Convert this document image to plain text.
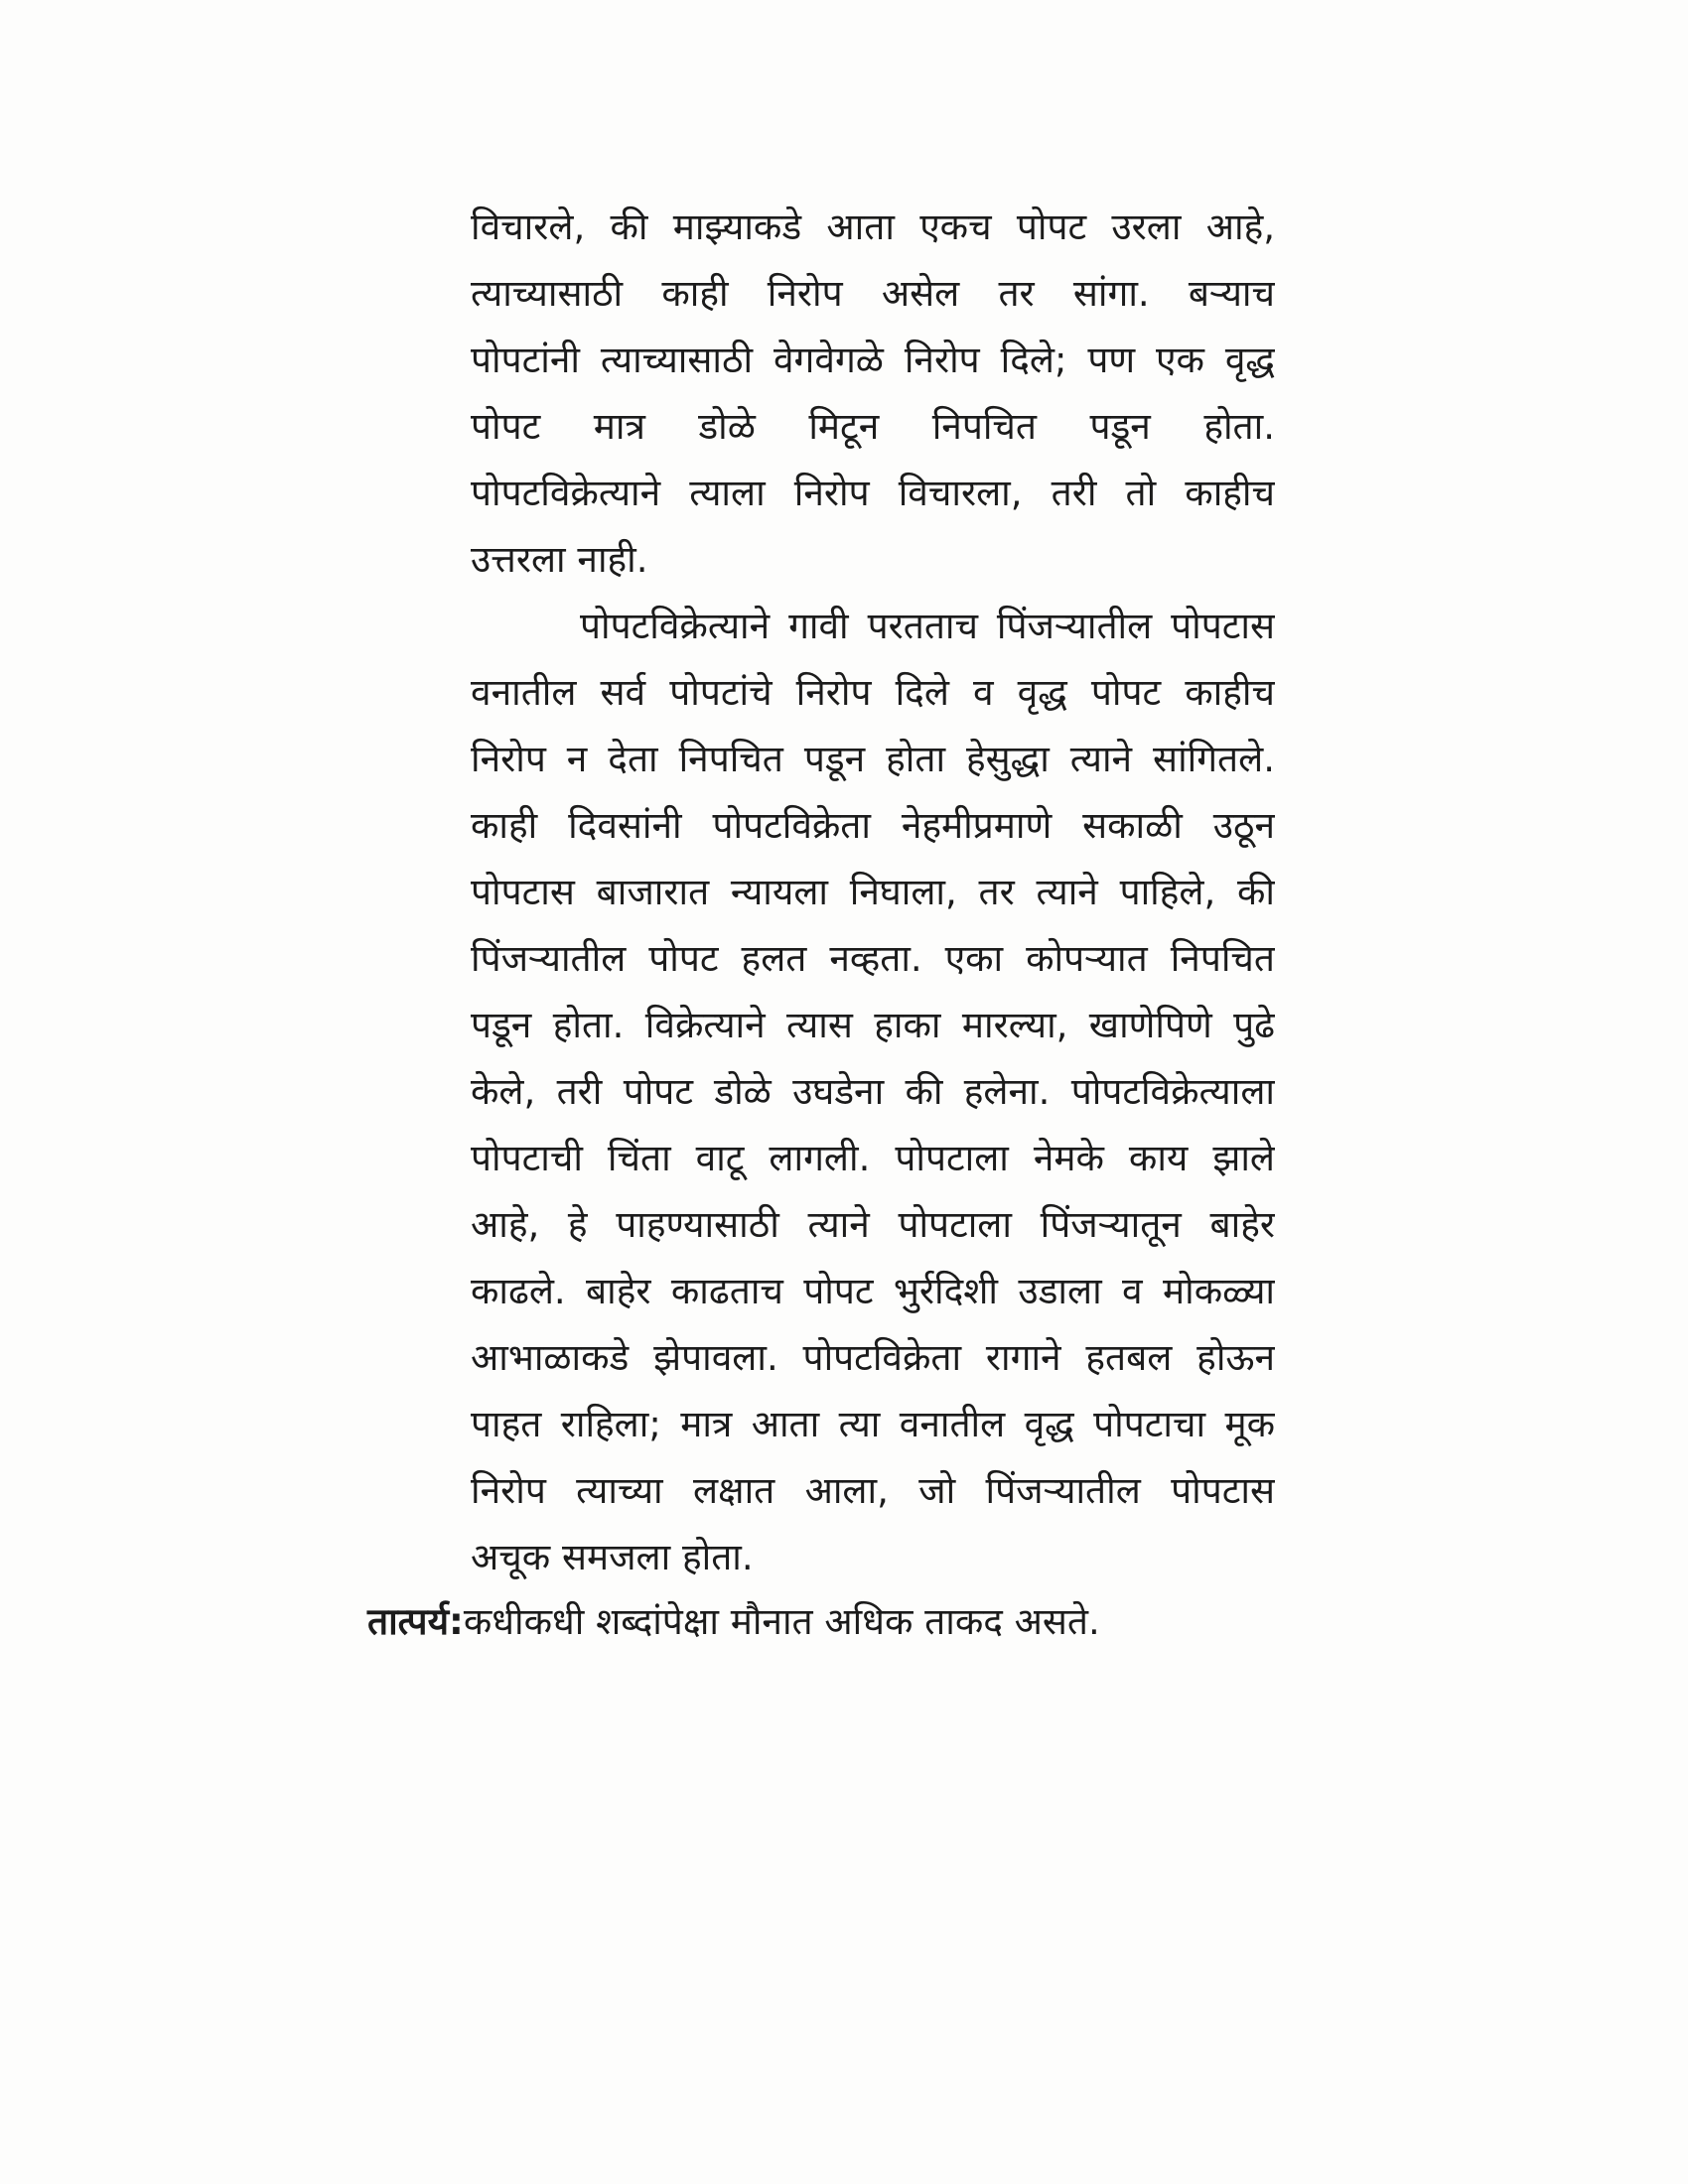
विचारले, की माझ्याकडे आता एकच पोपट उरला आहे,
त्याच्यासाठी काही निरोप असेल तर सांगा. बऱ्याच
पोपटांनी त्याच्यासाठी वेगवेगळे निरोप दिले; पण एक वृद्ध
पोपट मात्र डोळे मिटून निपचित पडून होता.
पोपटविक्रेत्याने त्याला निरोप विचारला, तरी तो काहीच
उत्तरला नाही.
पोपटविक्रेत्याने गावी परतताच पिंजऱ्यातील पोपटास
वनातील सर्व पोपटांचे निरोप दिले व वृद्ध पोपट काहीच
निरोप न देता निपचित पडून होता हेसुद्धा त्याने सांगितले.
काही दिवसांनी पोपटविक्रेता नेहमीप्रमाणे सकाळी उठून
पोपटास बाजारात न्यायला निघाला, तर त्याने पाहिले, की
पिंजऱ्यातील पोपट हलत नव्हता. एका कोपऱ्यात निपचित
पडून होता. विक्रेत्याने त्यास हाका मारल्या, खाणेपिणे पुढे
केले, तरी पोपट डोळे उघडेना की हलेना. पोपटविक्रेत्याला
पोपटाची चिंता वाटू लागली. पोपटाला नेमके काय झाले
आहे, हे पाहण्यासाठी त्याने पोपटाला पिंजऱ्यातून बाहेर
काढले. बाहेर काढताच पोपट भुर्रदिशी उडाला व मोकळ्या
आभाळाकडे झेपावला. पोपटविक्रेता रागाने हतबल होऊन
पाहत राहिला; मात्र आता त्या वनातील वृद्ध पोपटाचा मूक
निरोप त्याच्या लक्षात आला, जो पिंजऱ्यातील पोपटास
अचूक समजला होता.
तात्पर्य:कधीकधी शब्दांपेक्षा मौनात अधिक ताकद असते.
